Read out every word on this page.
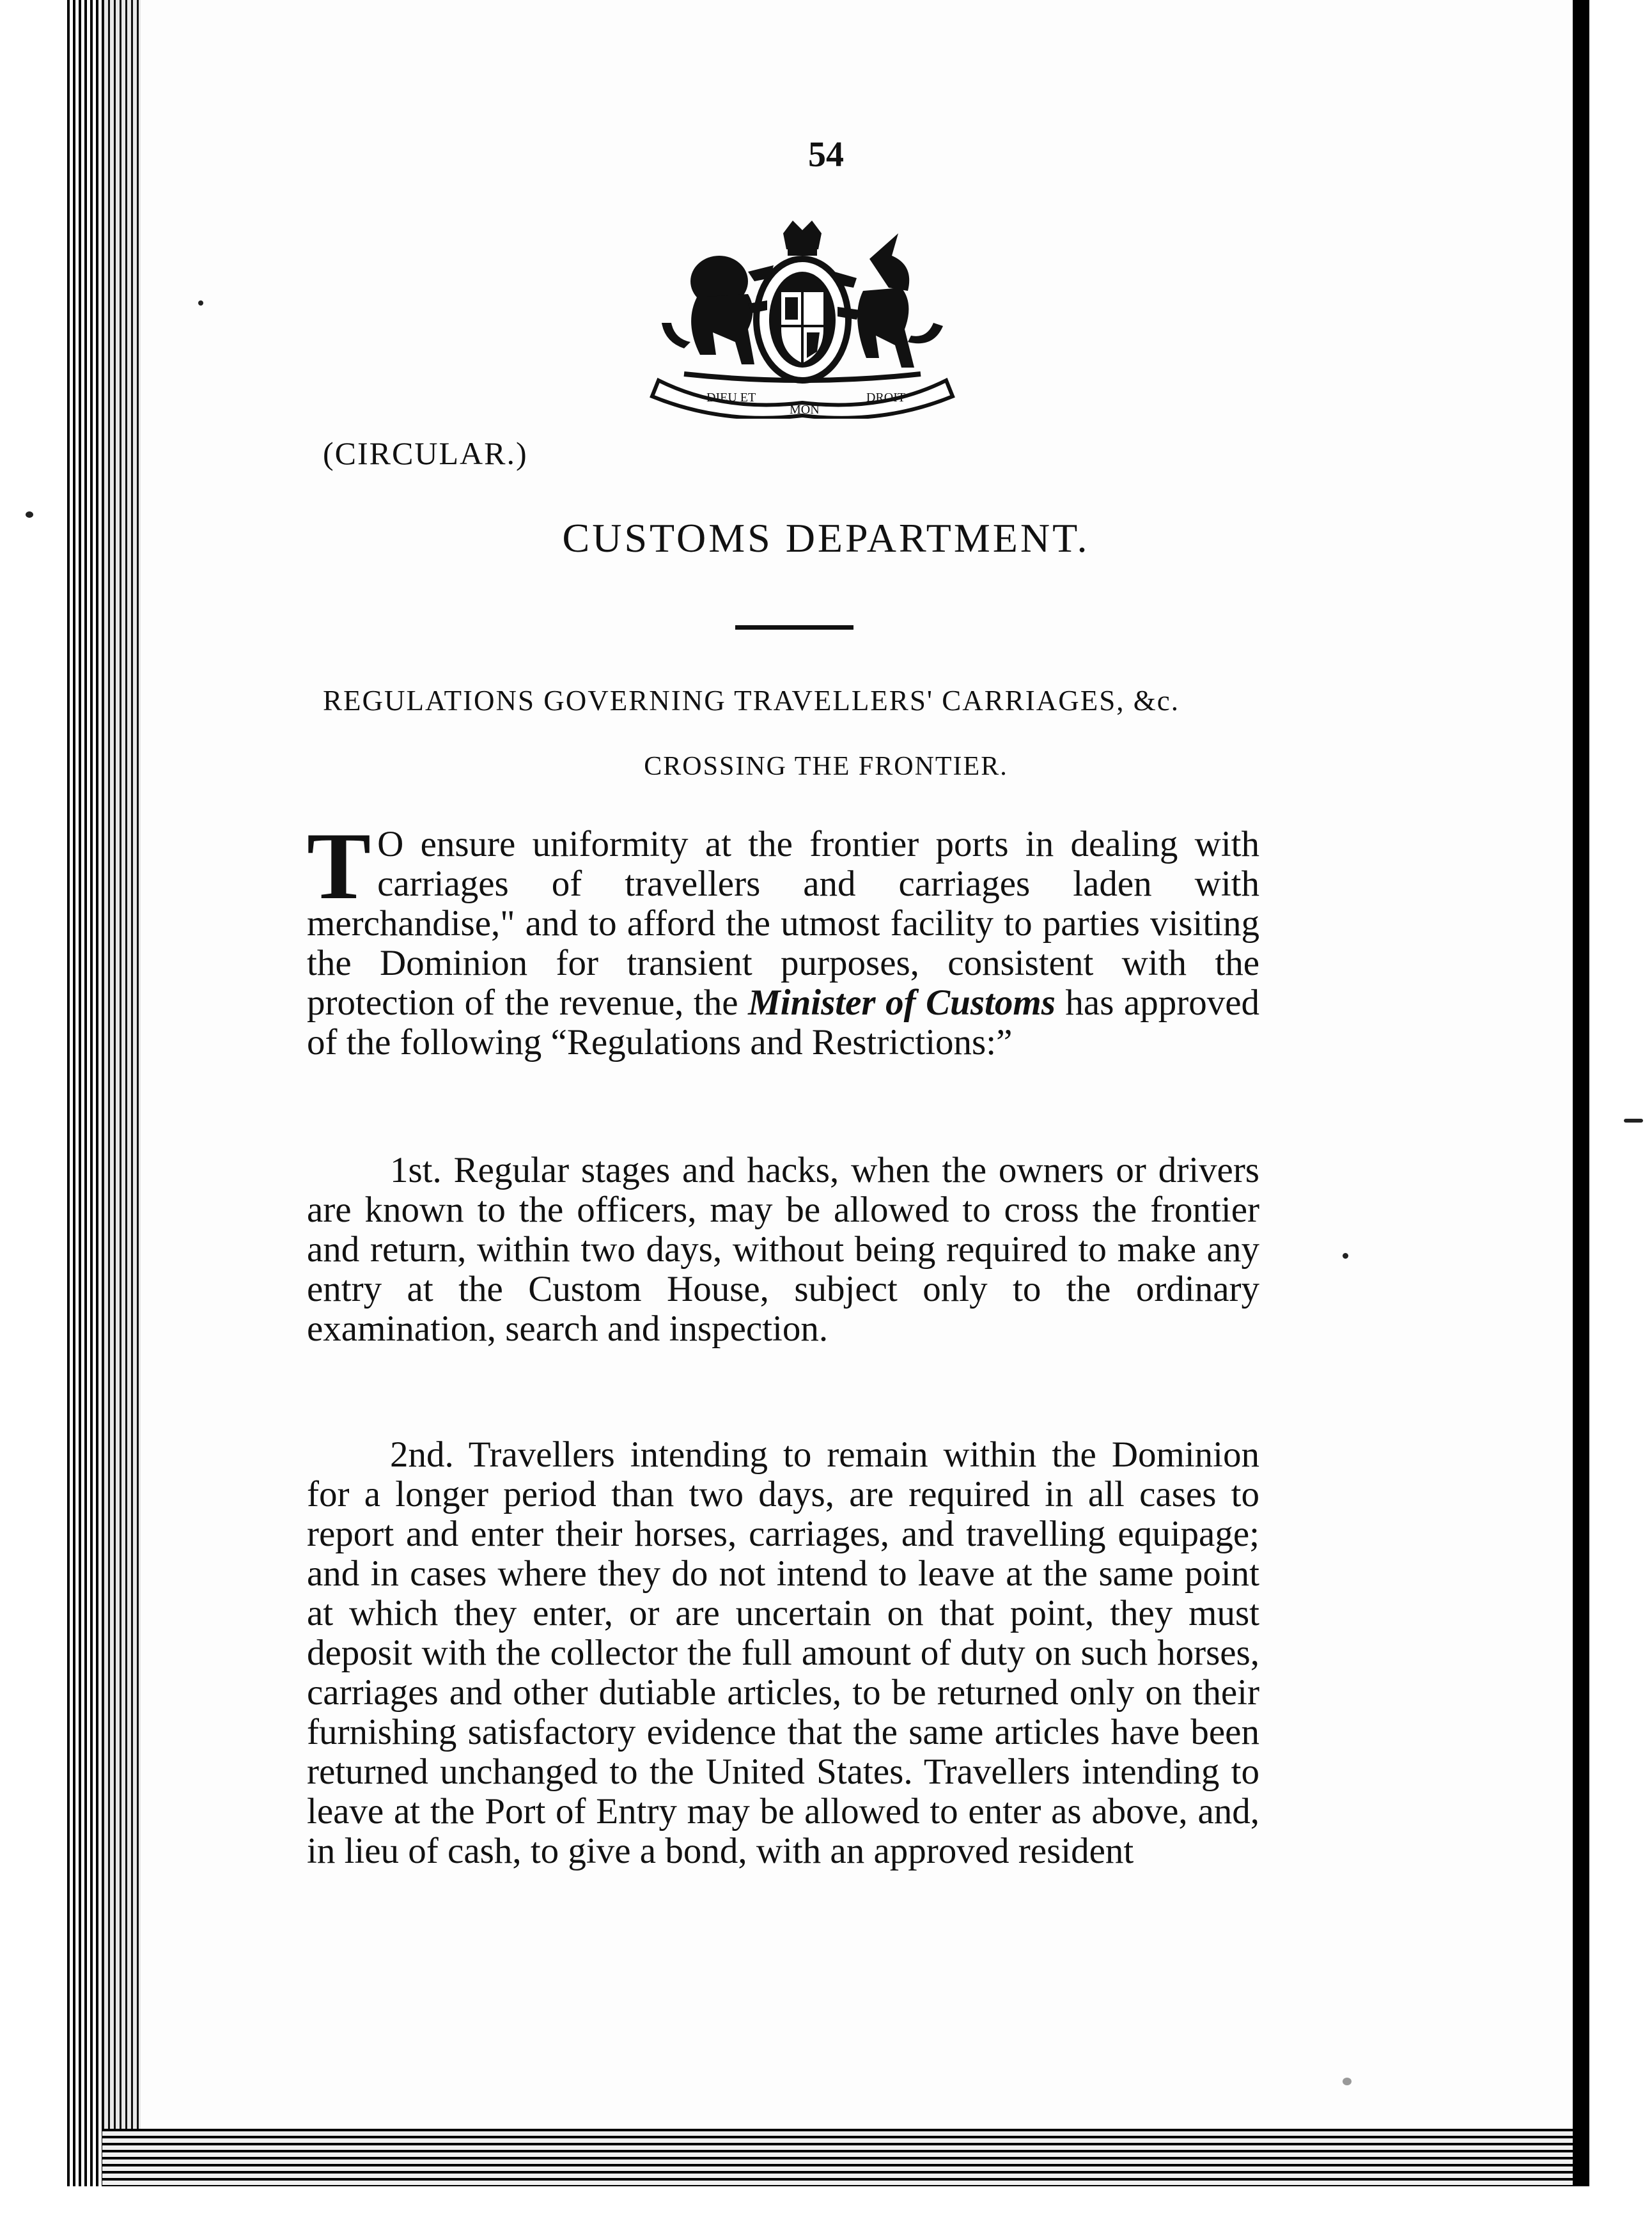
54
DIEU ET
MON
DROIT
(CIRCULAR.)
CUSTOMS DEPARTMENT.
REGULATIONS GOVERNING TRAVELLERS' CARRIAGES, &c.
CROSSING THE FRONTIER.
T O ensure uniformity at the frontier ports in dealing with carriages of travellers and carriages laden with merchandise," and to afford the utmost facility to parties visiting the Dominion for transient purposes, consistent with the protection of the revenue, the Minister of Customs has approved of the following “Regulations and Restrictions:”
1st. Regular stages and hacks, when the owners or drivers are known to the officers, may be allowed to cross the frontier and return, within two days, without being required to make any entry at the Custom House, subject only to the ordinary examination, search and inspection.
2nd. Travellers intending to remain within the Dominion for a longer period than two days, are required in all cases to report and enter their horses, carriages, and travelling equipage; and in cases where they do not intend to leave at the same point at which they enter, or are uncertain on that point, they must deposit with the collector the full amount of duty on such horses, carriages and other dutiable articles, to be returned only on their furnishing satisfactory evidence that the same articles have been returned unchanged to the United States. Travellers intending to leave at the Port of Entry may be allowed to enter as above, and, in lieu of cash, to give a bond, with an approved resident
